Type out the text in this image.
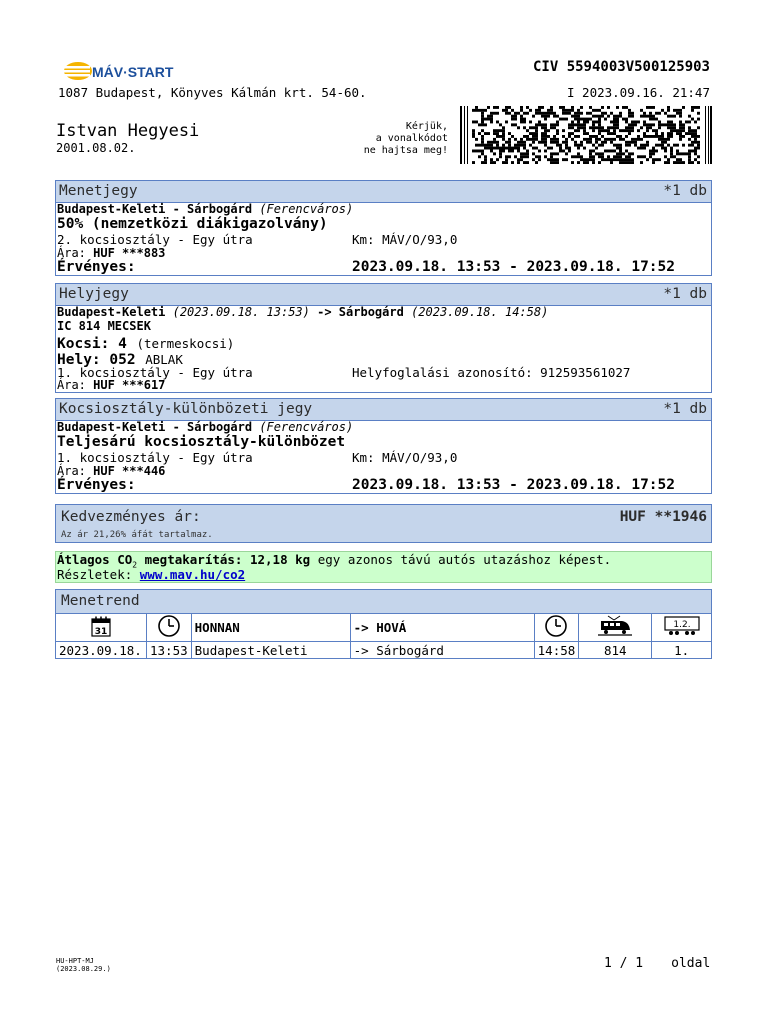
MÁV·START	CIV 5594003V500125903
1087 Budapest, Könyves Kálmán krt. 54-60.	I 2023.09.16. 21:47
Istvan Hegyesi
2001.08.02.
Kérjük,
a vonalkódot
ne hajtsa meg!
Menetjegy	*1 db
Budapest-Keleti - Sárbogárd (Ferencváros)
50% (nemzetközi diákigazolvány)
2. kocsiosztály - Egy útra	Km: MÁV/O/93,0
Ára: HUF ***883
Érvényes:	2023.09.18. 13:53 - 2023.09.18. 17:52
Helyjegy	*1 db
Budapest-Keleti (2023.09.18. 13:53) -> Sárbogárd (2023.09.18. 14:58)
IC 814 MECSEK
Kocsi: 4 (termeskocsi)
Hely: 052 ABLAK
1. kocsiosztály - Egy útra	Helyfoglalási azonosító: 912593561027
Ára: HUF ***617
Kocsiosztály-különbözeti jegy	*1 db
Budapest-Keleti - Sárbogárd (Ferencváros)
Teljesárú kocsiosztály-különbözet
1. kocsiosztály - Egy útra	Km: MÁV/O/93,0
Ára: HUF ***446
Érvényes:	2023.09.18. 13:53 - 2023.09.18. 17:52
Kedvezményes ár:	HUF **1946
Az ár 21,26% áfát tartalmaz.
Átlagos $CO_2$ megtakarítás: 12,18 kg egy azonos távú autós utazáshoz képest.
Részletek: www.mav.hu/co2
Menetrend
31		HONNAN	-> HOVÁ			1.2.

2023.09.18.	13:53	Budapest-Keleti	-> Sárbogárd	14:58	814	1.
HU-HPT-MJ
(2023.08.29.)	1 / 1 oldal
